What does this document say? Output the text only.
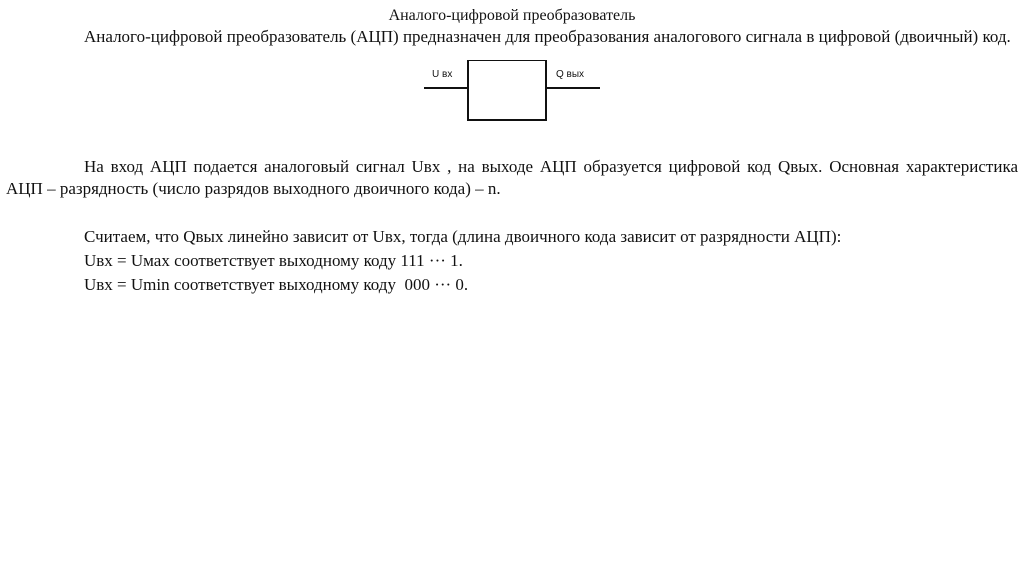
Аналого-цифровой преобразователь

Аналого-цифровой преобразователь (АЦП) предназначен для преобразования аналогового сигнала в цифровой (двоичный) код.

U вх	Q вых

На вход АЦП подается аналоговый сигнал Uвх , на выходе АЦП образуется цифровой код Qвых. Основная характеристика АЦП – разрядность (число разрядов выходного двоичного кода) – n.

Считаем, что Qвых линейно зависит от Uвх, тогда (длина двоичного кода зависит от разрядности АЦП):

Uвх = Uмах соответствует выходному коду 111 ··· 1.

Uвх = Umin соответствует выходному коду  000 ··· 0.
